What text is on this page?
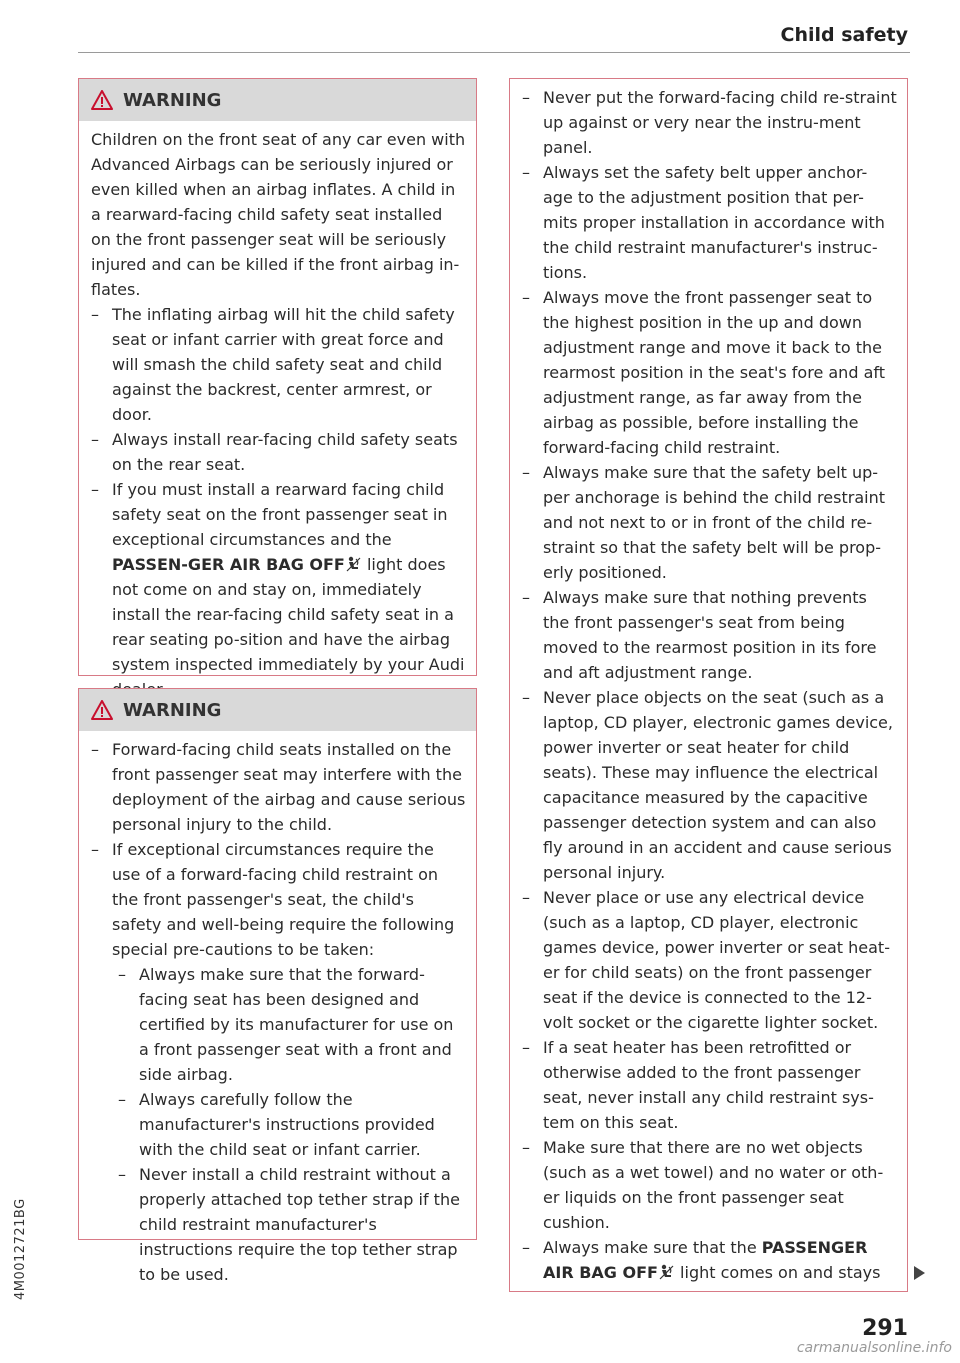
Child safety
4M0012721BG
WARNING

Children on the front seat of any car even with Advanced Airbags can be seriously injured or even killed when an airbag inflates. A child in a rearward-facing child safety seat installed on the front passenger seat will be seriously injured and can be killed if the front airbag in-flates.

– The inflating airbag will hit the child safety seat or infant carrier with great force and will smash the child safety seat and child against the backrest, center armrest, or door.

– Always install rear-facing child safety seats on the rear seat.

– If you must install a rearward facing child safety seat on the front passenger seat in exceptional circumstances and the PASSEN-GER AIR BAG OFF light does not come on and stay on, immediately install the rear-facing child safety seat in a rear seating po-sition and have the airbag system inspected immediately by your Audi

WARNING

– Forward-facing child seats installed on the front passenger seat may interfere with the deployment of the airbag and cause serious personal injury to the child.

– If exceptional circumstances require the use of a forward-facing child restraint on the front passenger's seat, the child's safety and well-being require the following special pre-cautions to be taken:

– Always make sure that the forward-facing seat has been designed and certified by its manufacturer for use on a front passenger seat with a front and side airbag.

– Always carefully follow the manufacturer's instructions provided with the child seat or infant carrier.

– Never install a child restraint without a properly attached top tether strap if the child restraint manufacturer's instructions require the top tether strap to be used.

– Never put the forward-facing child re-straint up against or very near the instru-ment panel.

– Always set the safety belt upper anchor-age to the adjustment position that per-mits proper installation in accordance with the child restraint manufacturer's instruc-tions.

– Always move the front passenger seat to the highest position in the up and down adjustment range and move it back to the rearmost position in the seat's fore and aft adjustment range, as far away from the airbag as possible, before installing the forward-facing child restraint.

– Always make sure that the safety belt up-per anchorage is behind the child restraint and not next to or in front of the child re-straint so that the safety belt will be prop-erly positioned.

– Always make sure that nothing prevents the front passenger's seat from being moved to the rearmost position in its fore and aft adjustment range.

– Never place objects on the seat (such as a laptop, CD player, electronic games device, power inverter or seat heater for child seats). These may influence the electrical capacitance measured by the capacitive passenger detection system and can also fly around in an accident and cause serious personal injury.

– Never place or use any electrical device (such as a laptop, CD player, electronic games device, power inverter or seat heat-er for child seats) on the front passenger seat if the device is connected to the 12-volt socket or the cigarette lighter socket.

– If a seat heater has been retrofitted or otherwise added to the front passenger seat, never install any child restraint sys-tem on this seat.

– Make sure that there are no wet objects (such as a wet towel) and no water or oth-er liquids on the front passenger seat cushion.

– Always make sure that the PASSENGER AIR BAG OFF light comes on and stays

291
carmanualsonline.info
